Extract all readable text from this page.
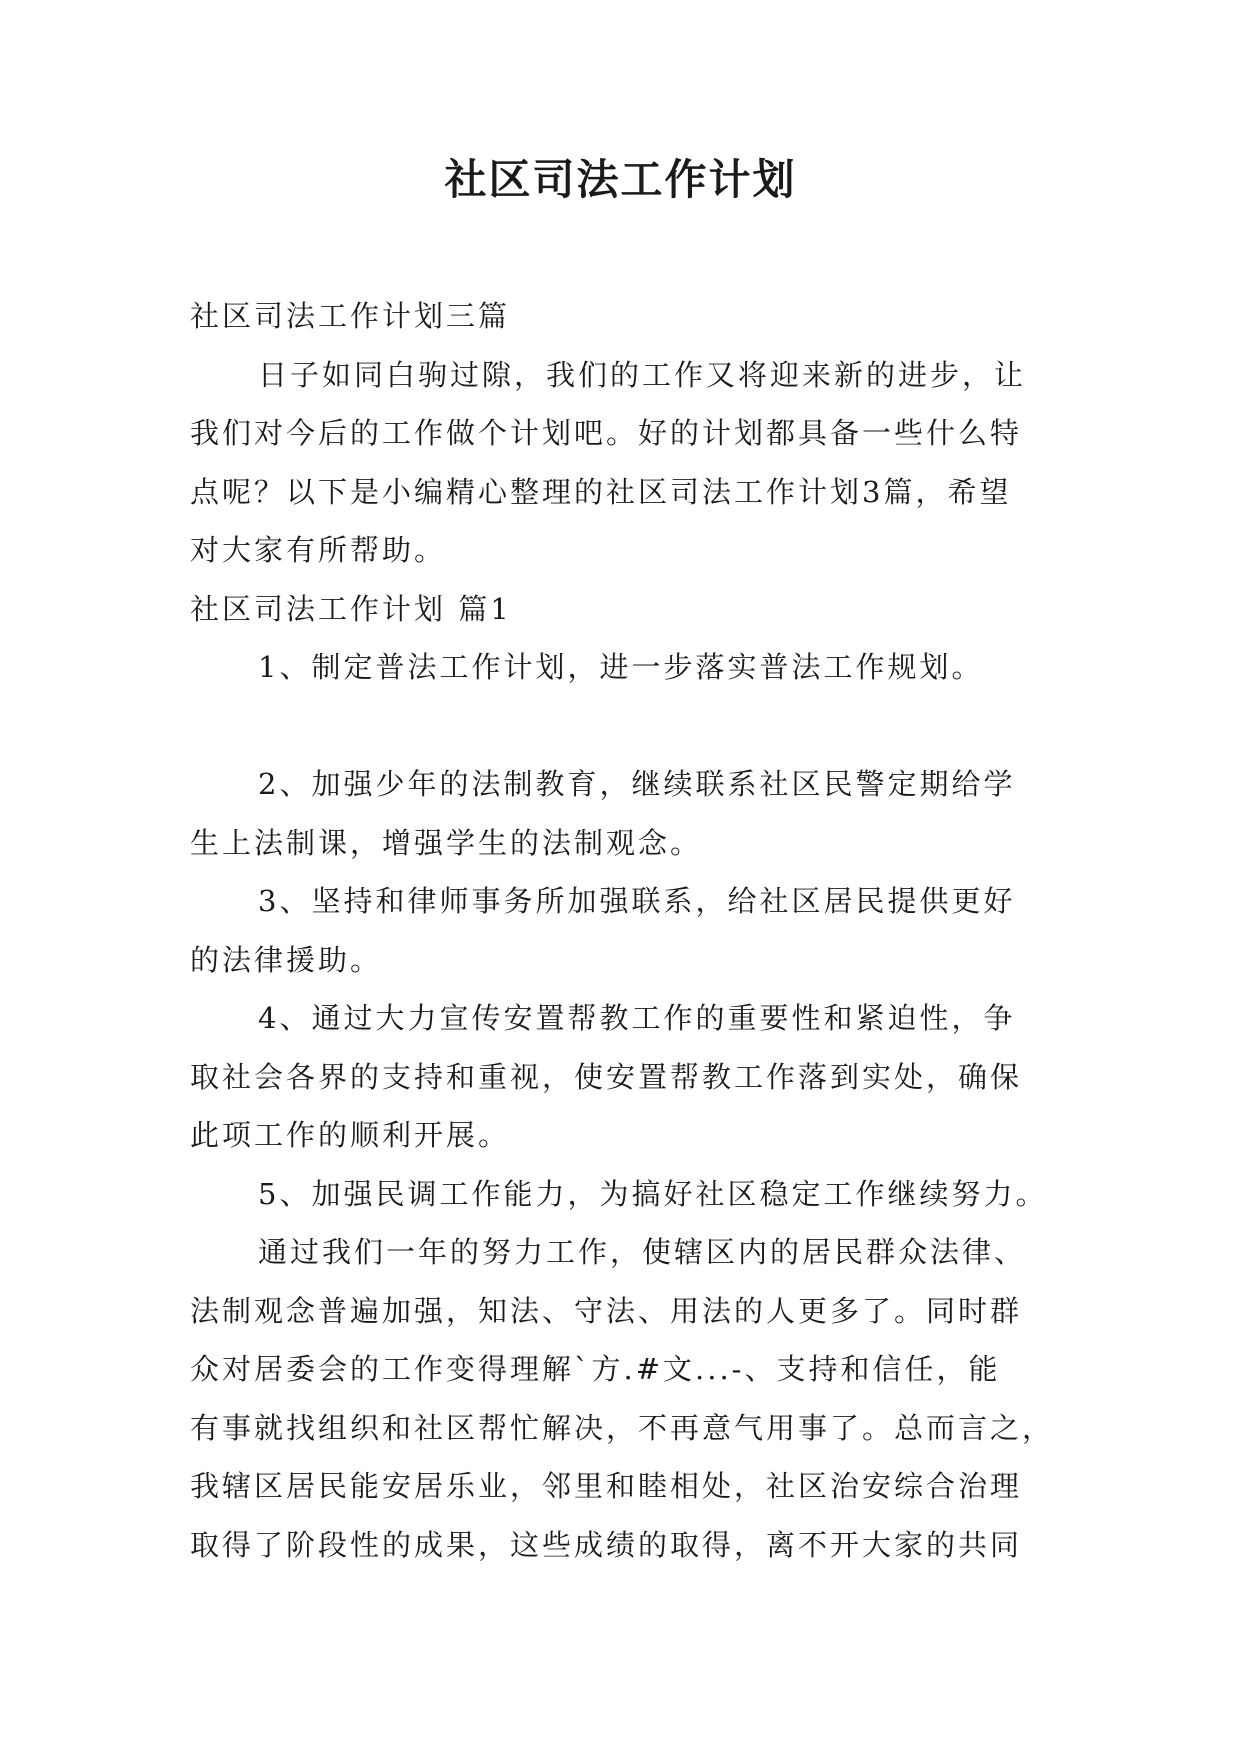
社区司法工作计划
社区司法工作计划三篇
日子如同白驹过隙，我们的工作又将迎来新的进步，让
我们对今后的工作做个计划吧。好的计划都具备一些什么特
点呢？以下是小编精心整理的社区司法工作计划3篇，希望
对大家有所帮助。
社区司法工作计划 篇1
1、制定普法工作计划，进一步落实普法工作规划。
2、加强少年的法制教育，继续联系社区民警定期给学
生上法制课，增强学生的法制观念。
3、坚持和律师事务所加强联系，给社区居民提供更好
的法律援助。
4、通过大力宣传安置帮教工作的重要性和紧迫性，争
取社会各界的支持和重视，使安置帮教工作落到实处，确保
此项工作的顺利开展。
5、加强民调工作能力，为搞好社区稳定工作继续努力。
通过我们一年的努力工作，使辖区内的居民群众法律、
法制观念普遍加强，知法、守法、用法的人更多了。同时群
众对居委会的工作变得理解`方.#文...-、支持和信任，能
有事就找组织和社区帮忙解决，不再意气用事了。总而言之，
我辖区居民能安居乐业，邻里和睦相处，社区治安综合治理
取得了阶段性的成果，这些成绩的取得，离不开大家的共同
